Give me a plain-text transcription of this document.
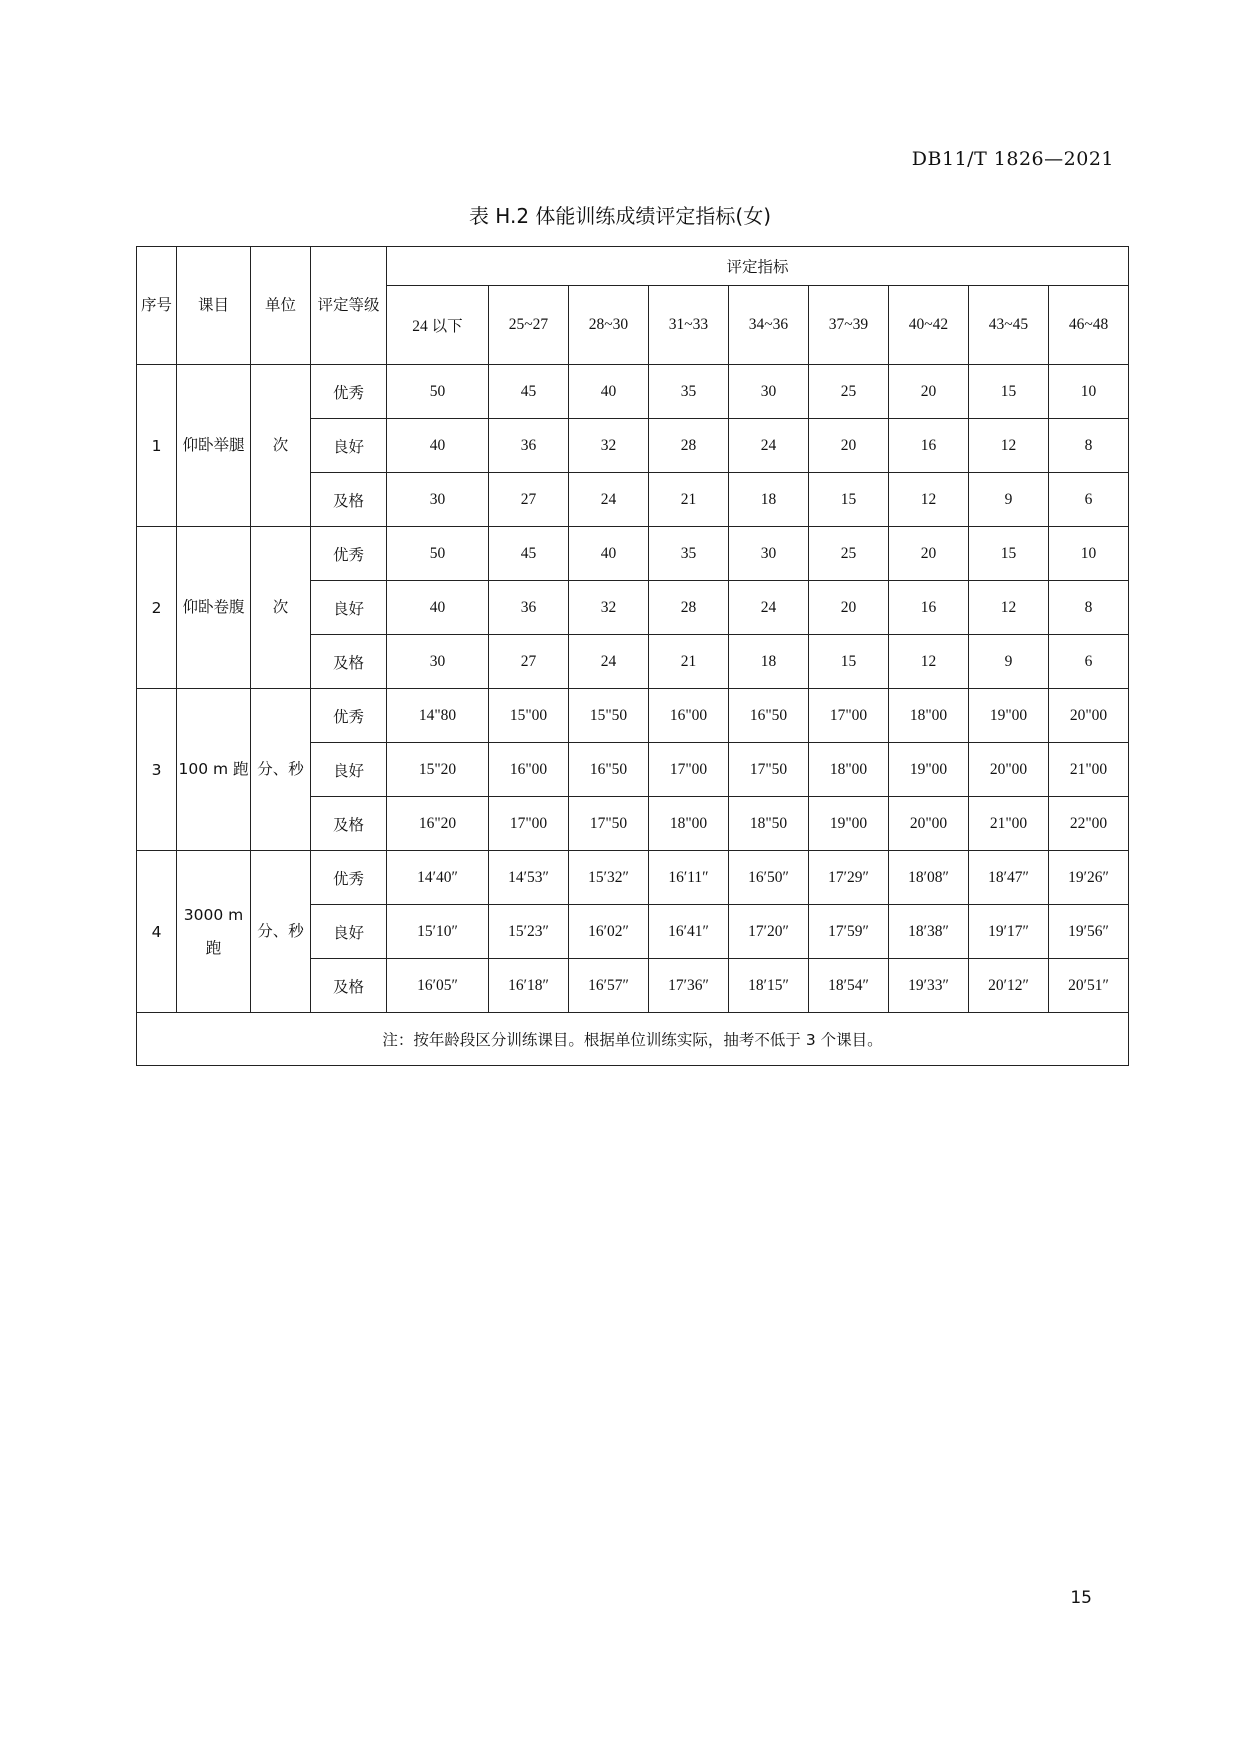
DB11/T 1826—2021
表 H.2 体能训练成绩评定指标(女)
序号	课目	单位	评定等级	评定指标								
				24 以下	25~27	28~30	31~33	34~36	37~39	40~42	43~45	46~48
1	仰卧举腿	次	优秀	50	45	40	35	30	25	20	15	10
			良好	40	36	32	28	24	20	16	12	8
			及格	30	27	24	21	18	15	12	9	6
2	仰卧卷腹	次	优秀	50	45	40	35	30	25	20	15	10
			良好	40	36	32	28	24	20	16	12	8
			及格	30	27	24	21	18	15	12	9	6
3	100 m 跑	分、秒	优秀	14"80	15"00	15"50	16"00	16"50	17"00	18"00	19"00	20"00
			良好	15"20	16"00	16"50	17"00	17"50	18"00	19"00	20"00	21"00
			及格	16"20	17"00	17"50	18"00	18"50	19"00	20"00	21"00	22"00
4	3000 m 跑	分、秒	优秀	14′40″	14′53″	15′32″	16′11″	16′50″	17′29″	18′08″	18′47″	19′26″
			良好	15′10″	15′23″	16′02″	16′41″	17′20″	17′59″	18′38″	19′17″	19′56″
			及格	16′05″	16′18″	16′57″	17′36″	18′15″	18′54″	19′33″	20′12″	20′51″
注：按年龄段区分训练课目。根据单位训练实际，抽考不低于 3 个课目。												
15
